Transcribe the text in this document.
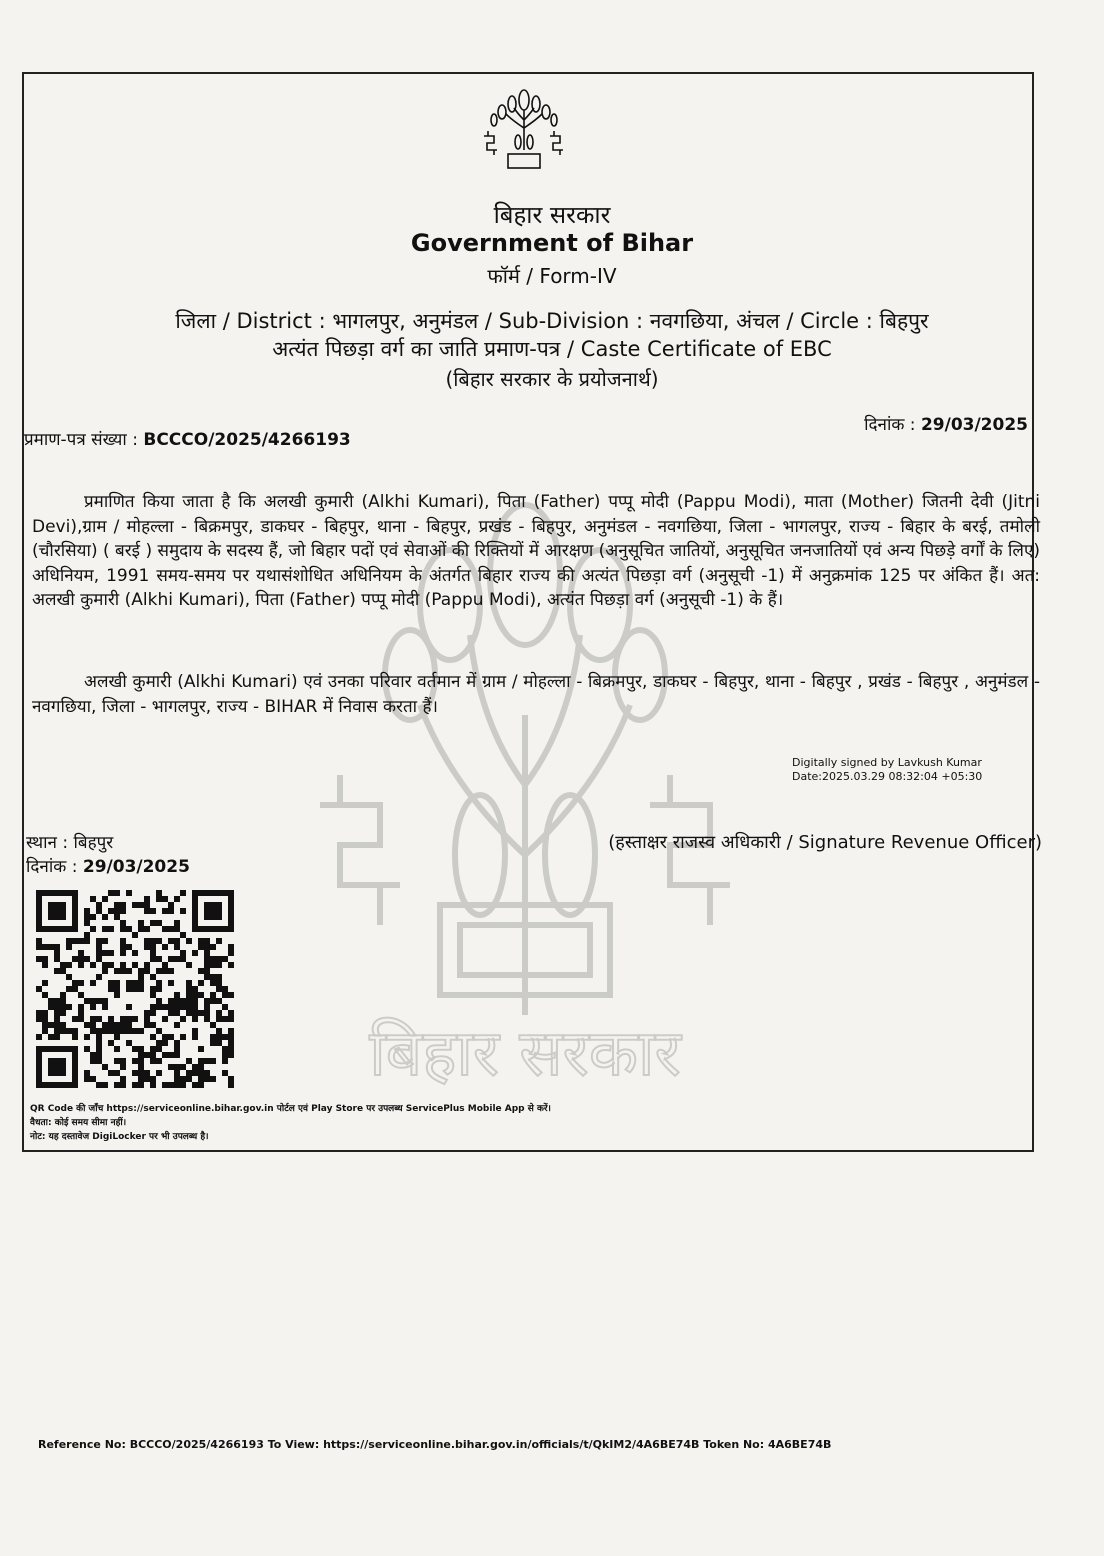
बिहार सरकार

बिहार सरकार

Government of Bihar

फॉर्म / Form-IV

जिला / District : भागलपुर, अनुमंडल / Sub-Division : नवगछिया, अंचल / Circle : बिहपुर

अत्यंत पिछड़ा वर्ग का जाति प्रमाण-पत्र / Caste Certificate of EBC

(बिहार सरकार के प्रयोजनार्थ)

प्रमाण-पत्र संख्या : BCCCO/2025/4266193

दिनांक : 29/03/2025

प्रमाणित किया जाता है कि अलखी कुमारी (Alkhi Kumari), पिता (Father) पप्पू मोदी (Pappu Modi), माता (Mother) जितनी देवी (Jitni Devi),ग्राम / मोहल्ला - बिक्रमपुर, डाकघर - बिहपुर, थाना - बिहपुर, प्रखंड - बिहपुर, अनुमंडल - नवगछिया, जिला - भागलपुर, राज्य - बिहार के बरई, तमोली (चौरसिया) ( बरई ) समुदाय के सदस्य हैं, जो बिहार पदों एवं सेवाओं की रिक्तियों में आरक्षण (अनुसूचित जातियों, अनुसूचित जनजातियों एवं अन्य पिछड़े वर्गों के लिए) अधिनियम, 1991 समय-समय पर यथासंशोधित अधिनियम के अंतर्गत बिहार राज्य की अत्यंत पिछड़ा वर्ग (अनुसूची -1) में अनुक्रमांक 125 पर अंकित हैं। अत: अलखी कुमारी (Alkhi Kumari), पिता (Father) पप्पू मोदी (Pappu Modi), अत्यंत पिछड़ा वर्ग (अनुसूची -1) के हैं।

अलखी कुमारी (Alkhi Kumari) एवं उनका परिवार वर्तमान में ग्राम / मोहल्ला - बिक्रमपुर, डाकघर - बिहपुर, थाना - बिहपुर , प्रखंड - बिहपुर , अनुमंडल - नवगछिया, जिला - भागलपुर, राज्य - BIHAR में निवास करता हैं।

Digitally signed by Lavkush Kumar
Date:2025.03.29 08:32:04 +05:30
स्थान : बिहपुर
दिनांक : 29/03/2025

(हस्ताक्षर राजस्व अधिकारी / Signature Revenue Officer)

QR Code की जाँच https://serviceonline.bihar.gov.in पोर्टल एवं Play Store पर उपलब्ध ServicePlus Mobile App से करें।
वैधता: कोई समय सीमा नहीं।
नोट: यह दस्तावेज DigiLocker पर भी उपलब्ध है।

Reference No: BCCCO/2025/4266193 To View: https://serviceonline.bihar.gov.in/officials/t/QkIM2/4A6BE74B Token No: 4A6BE74B
